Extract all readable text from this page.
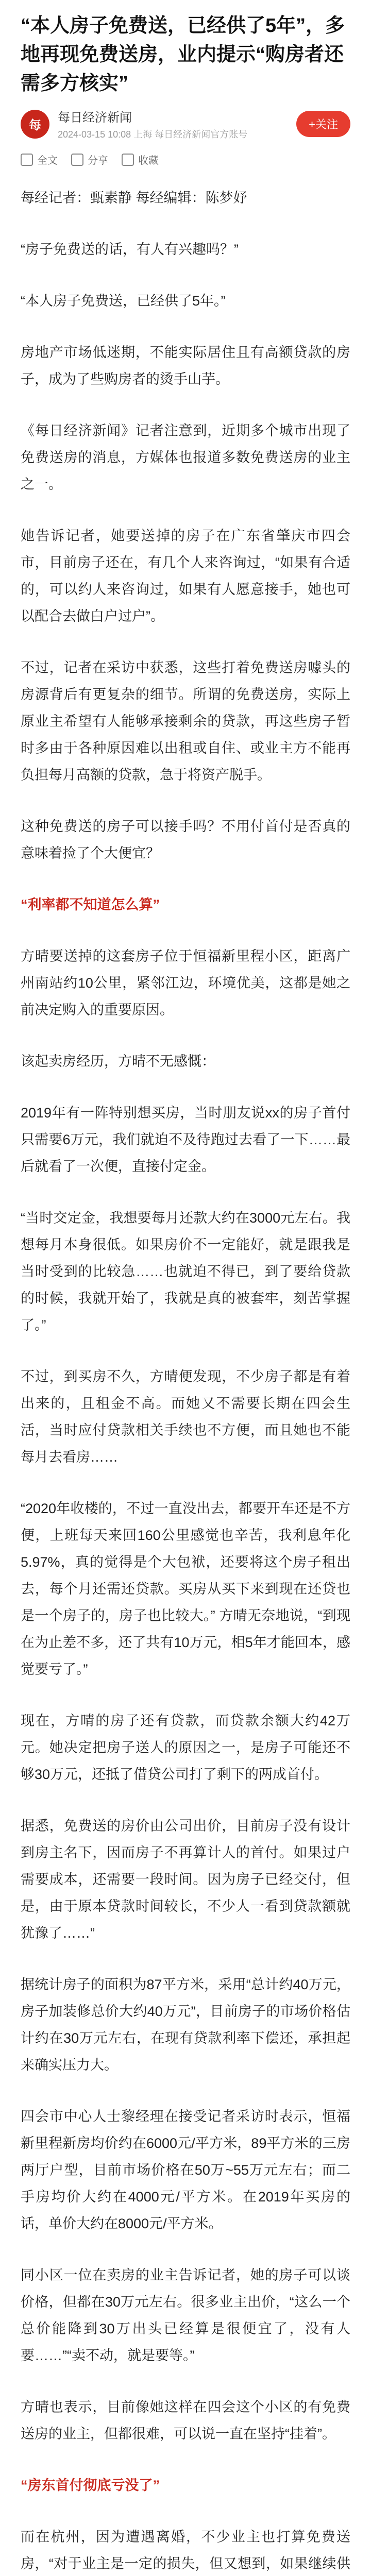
“本人房子免费送，已经供了5年”，多地再现免费送房，业内提示“购房者还需多方核实”
每
每日经济新闻
2024-03-15 10:08 上海 每日经济新闻官方账号
+关注
全文	分享	收藏

每经记者：甄素静 每经编辑：陈梦妤

“房子免费送的话，有人有兴趣吗？”

“本人房子免费送，已经供了5年。”

房地产市场低迷期，不能实际居住且有高额贷款的房子，成为了些购房者的烫手山芋。

《每日经济新闻》记者注意到，近期多个城市出现了免费送房的消息，方媒体也报道多数免费送房的业主之一。

她告诉记者，她要送掉的房子在广东省肇庆市四会市，目前房子还在，有几个人来咨询过，“如果有合适的，可以约人来咨询过，如果有人愿意接手，她也可以配合去做白户过户”。

不过，记者在采访中获悉，这些打着免费送房噱头的房源背后有更复杂的细节。所谓的免费送房，实际上原业主希望有人能够承接剩余的贷款，再这些房子暂时多由于各种原因难以出租或自住、或业主方不能再负担每月高额的贷款，急于将资产脱手。

这种免费送的房子可以接手吗？不用付首付是否真的意味着捡了个大便宜？

“利率都不知道怎么算”

方晴要送掉的这套房子位于恒福新里程小区，距离广州南站约10公里，紧邻江边，环境优美，这都是她之前决定购入的重要原因。

该起卖房经历，方晴不无感慨：

2019年有一阵特别想买房，当时朋友说xx的房子首付只需要6万元，我们就迫不及待跑过去看了一下……最后就看了一次便，直接付定金。

“当时交定金，我想要每月还款大约在3000元左右。我想每月本身很低。如果房价不一定能好，就是跟我是当时受到的比较急……也就迫不得已，到了要给贷款的时候，我就开始了，我就是真的被套牢，刻苦掌握了。”

不过，到买房不久，方晴便发现，不少房子都是有着出来的，且租金不高。而她又不需要长期在四会生活，当时应付贷款相关手续也不方便，而且她也不能每月去看房……

“2020年收楼的，不过一直没出去，都要开车还是不方便，上班每天来回160公里感觉也辛苦，我利息年化5.97%，真的觉得是个大包袱，还要将这个房子租出去，每个月还需还贷款。买房从买下来到现在还贷也是一个房子的，房子也比较大。” 方晴无奈地说，“到现在为止差不多，还了共有10万元，相5年才能回本，感觉要亏了。”

现在，方晴的房子还有贷款，而贷款余额大约42万元。她决定把房子送人的原因之一，是房子可能还不够30万元，还抵了借贷公司打了剩下的两成首付。

据悉，免费送的房价由公司出价，目前房子没有设计到房主名下，因而房子不再算计人的首付。如果过户需要成本，还需要一段时间。因为房子已经交付，但是，由于原本贷款时间较长，不少人一看到贷款额就犹豫了……”

据统计房子的面积为87平方米，采用“总计约40万元，房子加装修总价大约40万元”，目前房子的市场价格估计约在30万元左右，在现有贷款利率下偿还，承担起来确实压力大。

四会市中心人士黎经理在接受记者采访时表示，恒福新里程新房均价约在6000元/平方米，89平方米的三房两厅户型，目前市场价格在50万~55万元左右；而二手房均价大约在4000元/平方米。在2019年买房的话，单价大约在8000元/平方米。

同小区一位在卖房的业主告诉记者，她的房子可以谈价格，但都在30万元左右。很多业主出价，“这么一个总价能降到30万出头已经算是很便宜了，没有人要……”“卖不动，就是要等。”

方晴也表示，目前像她这样在四会这个小区的有免费送房的业主，但都很难，可以说一直在坚持“挂着”。

“房东首付彻底亏没了”

而在杭州，因为遭遇离婚，不少业主也打算免费送房，“对于业主是一定的损失，但又想到，如果继续供
